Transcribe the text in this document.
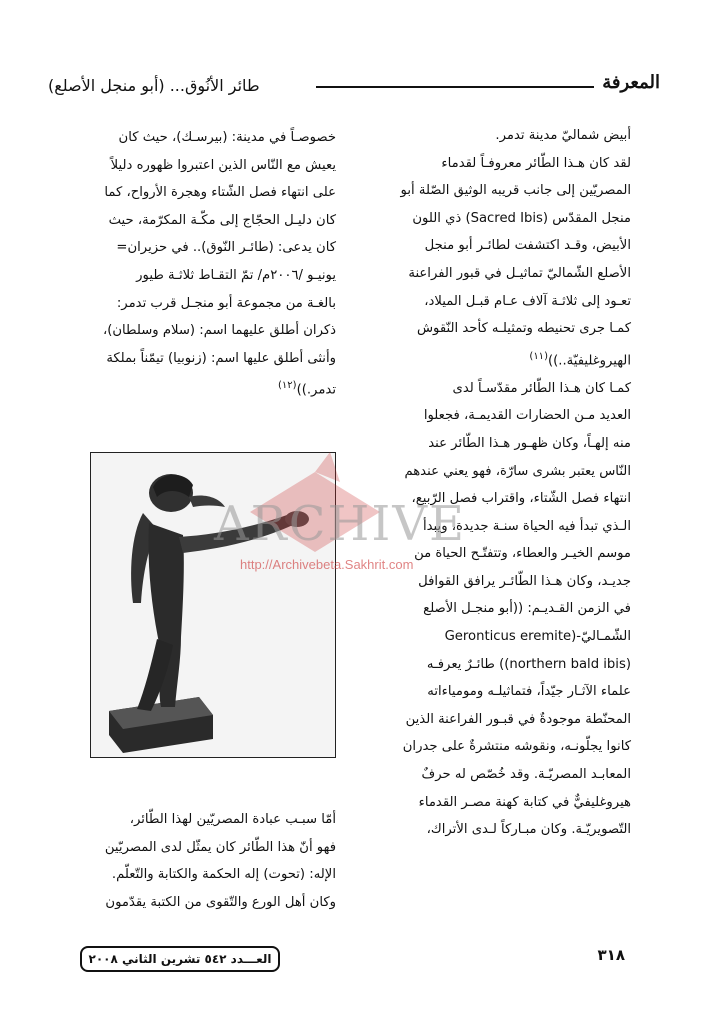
طائر الأنُوق... (أبو منجل الأصلع)	المعرفة

أبيض شماليّ مدينة تدمر.

لقد كان هـذا الطّائر معروفـاً لقدماء

المصريّين إلى جانب قريبه الوثيق الصّلة أبو

منجل المقدّس (Sacred Ibis) ذي اللون

الأبيض، وقـد اكتشفت لطائـر أبو منجل

الأصلع الشّماليّ تماثيـل في قبور الفراعنة

تعـود إلى ثلاثـة آلاف عـام قبـل الميلاد،

كمـا جرى تحنيطه وتمثيلـه كأحد النّقوش

الهيروغليفيّة..))$^{(١١)}$

كمـا كان هـذا الطّائر مقدّسـاً لدى

العديد مـن الحضارات القديمـة، فجعلوا

منه إلهـاً، وكان ظهـور هـذا الطّائر عند

النّاس يعتبر بشرى سارّة، فهو يعني عندهم

انتهاء فصل الشّتاء، واقتراب فصل الرّبيع،

الـذي تبدأ فيه الحياة سنـة جديدة، ويبدأ

موسم الخيـر والعطاء، وتتفتّـح الحياة من

جديـد، وكان هـذا الطّائـر يرافق القوافل

في الزمن القـديـم: ((أبو منجـل الأصلع

الشّمـاليّ-(Geronticus eremite

(northern bald ibis)) طائـرٌ يعرفـه

علماء الآثـار جيّداً، فتماثيلـه ومومياءاته

المحنّطة موجودةٌ في قبـور الفراعنة الذين

كانوا يجلّونـه، ونقوشه منتشرةٌ على جدران

المعابـد المصريّـة. وقد خُصّص له حرفٌ

هيروغليفيٌّ في كتابة كهنة مصـر القدماء

التّصويريّـة. وكان مبـاركاً لـدى الأتراك،

خصوصـاً في مدينة: (بيرسـك)، حيث كان

يعيش مع النّاس الذين اعتبروا ظهوره دليلاً

على انتهاء فصل الشّتاء وهجرة الأرواح، كما

كان دليـل الحجّاج إلى مكّـة المكرّمة، حيث

كان يدعى: (طائـر النّوق).. في حزيران=

يونيـو /٢٠٠٦م/ تمّ التقـاط ثلاثـة طيور

بالغـة من مجموعة أبو منجـل قرب تدمر:

ذكران أطلق عليهما اسم: (سلام وسلطان)،

وأنثى أطلق عليها اسم: (زنوبيا) تيمّناً بملكة

تدمر.))$^{(١٢)}$

ARCHIVE
http://Archivebeta.Sakhrit.com

أمّا سبـب عبادة المصريّين لهذا الطّائر،

فهو أنّ هذا الطّائر كان يمثّل لدى المصريّين

الإله: (تحوت) إله الحكمة والكتابة والتّعلّم.

وكان أهل الورع والتّقوى من الكتبة يقدّمون

العـــدد ٥٤٢ تشرين الثاني ٢٠٠٨	٣١٨
